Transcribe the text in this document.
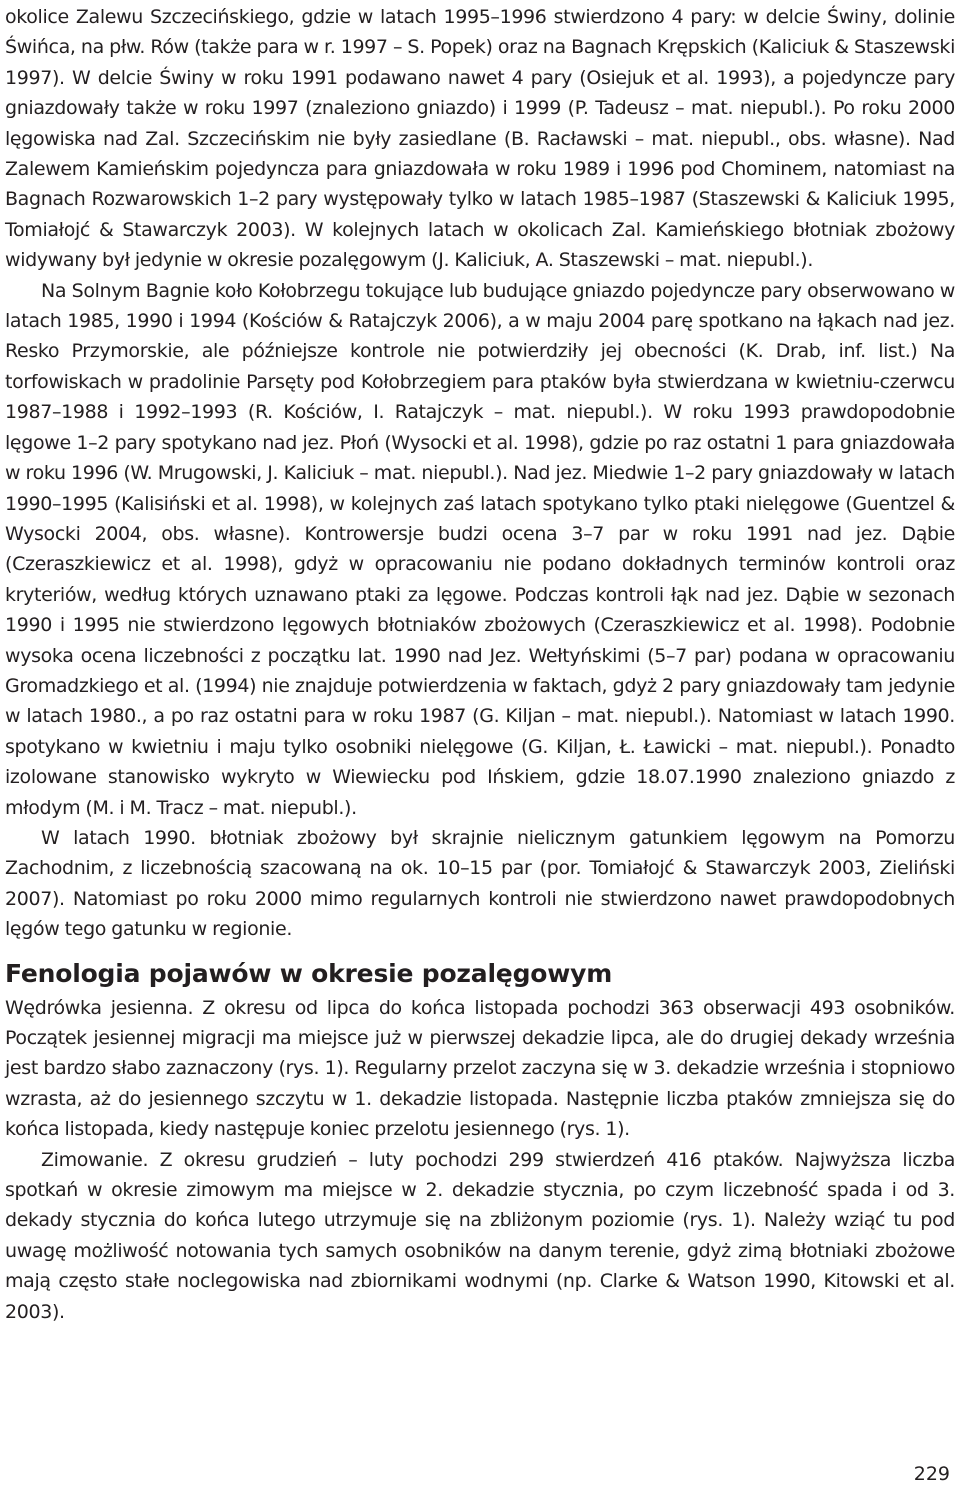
okolice Zalewu Szczecińskiego, gdzie w latach 1995–1996 stwierdzono 4 pary: w delcie Świny, dolinie Świńca, na płw. Rów (także para w r. 1997 – S. Popek) oraz na Bagnach Krępskich (Kaliciuk & Staszewski 1997). W delcie Świny w roku 1991 podawano nawet 4 pary (Osiejuk et al. 1993), a pojedyncze pary gniazdowały także w roku 1997 (znaleziono gniazdo) i 1999 (P. Tadeusz – mat. niepubl.). Po roku 2000 lęgowiska nad Zal. Szczecińskim nie były zasiedlane (B. Racławski – mat. niepubl., obs. własne). Nad Zalewem Kamieńskim pojedyncza para gniazdowała w roku 1989 i 1996 pod Chominem, natomiast na Bagnach Rozwarowskich 1–2 pary występowały tylko w latach 1985–1987 (Staszewski & Kaliciuk 1995, Tomiałojć & Stawarczyk 2003). W kolejnych latach w okolicach Zal. Kamieńskiego błotniak zbożowy widywany był jedynie w okresie pozalęgowym (J. Kaliciuk, A. Staszewski – mat. niepubl.).

Na Solnym Bagnie koło Kołobrzegu tokujące lub budujące gniazdo pojedyncze pary obserwowano w latach 1985, 1990 i 1994 (Kościów & Ratajczyk 2006), a w maju 2004 parę spotkano na łąkach nad jez. Resko Przymorskie, ale późniejsze kontrole nie potwierdziły jej obecności (K. Drab, inf. list.) Na torfowiskach w pradolinie Parsęty pod Kołobrzegiem para ptaków była stwierdzana w kwietniu-czerwcu 1987–1988 i 1992–1993 (R. Kościów, I. Ratajczyk – mat. niepubl.). W roku 1993 prawdopodobnie lęgowe 1–2 pary spotykano nad jez. Płoń (Wysocki et al. 1998), gdzie po raz ostatni 1 para gniazdowała w roku 1996 (W. Mrugowski, J. Kaliciuk – mat. niepubl.). Nad jez. Miedwie 1–2 pary gniazdowały w latach 1990–1995 (Kalisiński et al. 1998), w kolejnych zaś latach spotykano tylko ptaki nielęgowe (Guentzel & Wysocki 2004, obs. własne). Kontrowersje budzi ocena 3–7 par w roku 1991 nad jez. Dąbie (Czeraszkiewicz et al. 1998), gdyż w opracowaniu nie podano dokładnych terminów kontroli oraz kryteriów, według których uznawano ptaki za lęgowe. Podczas kontroli łąk nad jez. Dąbie w sezonach 1990 i 1995 nie stwierdzono lęgowych błotniaków zbożowych (Czeraszkiewicz et al. 1998). Podobnie wysoka ocena liczebności z początku lat. 1990 nad Jez. Wełtyńskimi (5–7 par) podana w opracowaniu Gromadzkiego et al. (1994) nie znajduje potwierdzenia w faktach, gdyż 2 pary gniazdowały tam jedynie w latach 1980., a po raz ostatni para w roku 1987 (G. Kiljan – mat. niepubl.). Natomiast w latach 1990. spotykano w kwietniu i maju tylko osobniki nielęgowe (G. Kiljan, Ł. Ławicki – mat. niepubl.). Ponadto izolowane stanowisko wykryto w Wiewiecku pod Ińskiem, gdzie 18.07.1990 znaleziono gniazdo z młodym (M. i M. Tracz – mat. niepubl.).

W latach 1990. błotniak zbożowy był skrajnie nielicznym gatunkiem lęgowym na Pomorzu Zachodnim, z liczebnością szacowaną na ok. 10–15 par (por. Tomiałojć & Stawarczyk 2003, Zieliński 2007). Natomiast po roku 2000 mimo regularnych kontroli nie stwierdzono nawet prawdopodobnych lęgów tego gatunku w regionie.

Fenologia pojawów w okresie pozalęgowym

Wędrówka jesienna. Z okresu od lipca do końca listopada pochodzi 363 obserwacji 493 osobników. Początek jesiennej migracji ma miejsce już w pierwszej dekadzie lipca, ale do drugiej dekady września jest bardzo słabo zaznaczony (rys. 1). Regularny przelot zaczyna się w 3. dekadzie września i stopniowo wzrasta, aż do jesiennego szczytu w 1. dekadzie listopada. Następnie liczba ptaków zmniejsza się do końca listopada, kiedy następuje koniec przelotu jesiennego (rys. 1).

Zimowanie. Z okresu grudzień – luty pochodzi 299 stwierdzeń 416 ptaków. Najwyższa liczba spotkań w okresie zimowym ma miejsce w 2. dekadzie stycznia, po czym liczebność spada i od 3. dekady stycznia do końca lutego utrzymuje się na zbliżonym poziomie (rys. 1). Należy wziąć tu pod uwagę możliwość notowania tych samych osobników na danym terenie, gdyż zimą błotniaki zbożowe mają często stałe noclegowiska nad zbiornikami wodnymi (np. Clarke & Watson 1990, Kitowski et al. 2003).

229
